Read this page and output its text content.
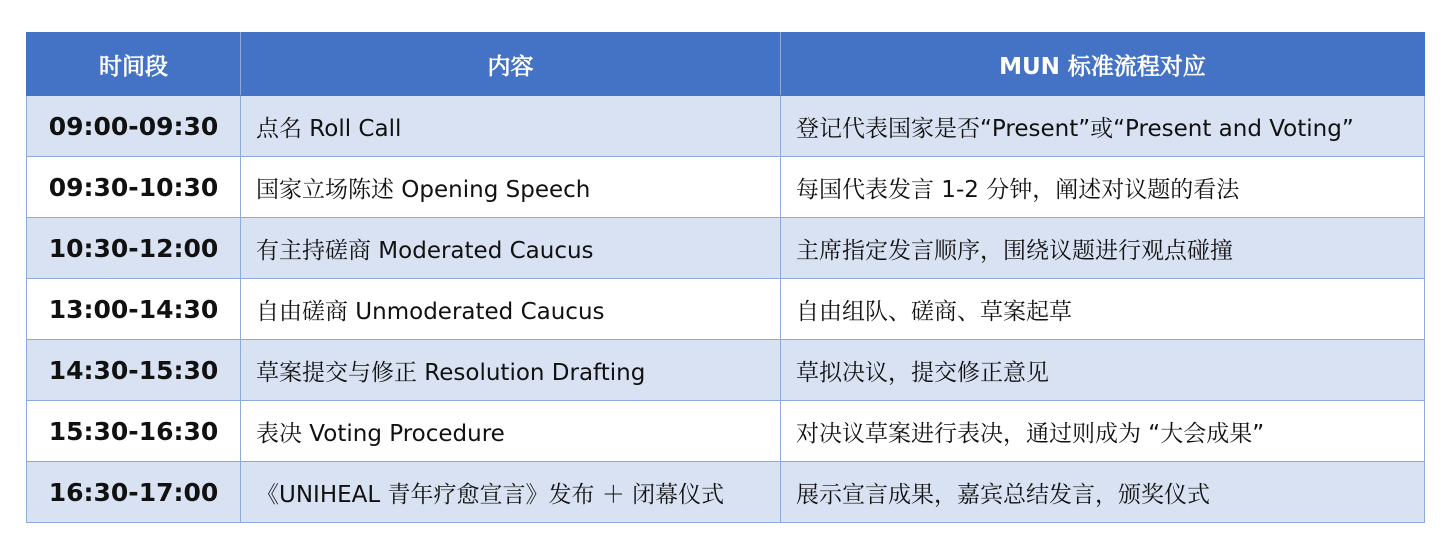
时间段	内容	MUN 标准流程对应
09:00-09:30	点名 Roll Call	登记代表国家是否“Present”或“Present and Voting”
09:30-10:30	国家立场陈述 Opening Speech	每国代表发言 1-2 分钟，阐述对议题的看法
10:30-12:00	有主持磋商 Moderated Caucus	主席指定发言顺序，围绕议题进行观点碰撞
13:00-14:30	自由磋商 Unmoderated Caucus	自由组队、磋商、草案起草
14:30-15:30	草案提交与修正 Resolution Drafting	草拟决议，提交修正意见
15:30-16:30	表决 Voting Procedure	对决议草案进行表决，通过则成为 “大会成果”
16:30-17:00	《UNIHEAL 青年疗愈宣言》发布 ＋ 闭幕仪式	展示宣言成果，嘉宾总结发言，颁奖仪式
